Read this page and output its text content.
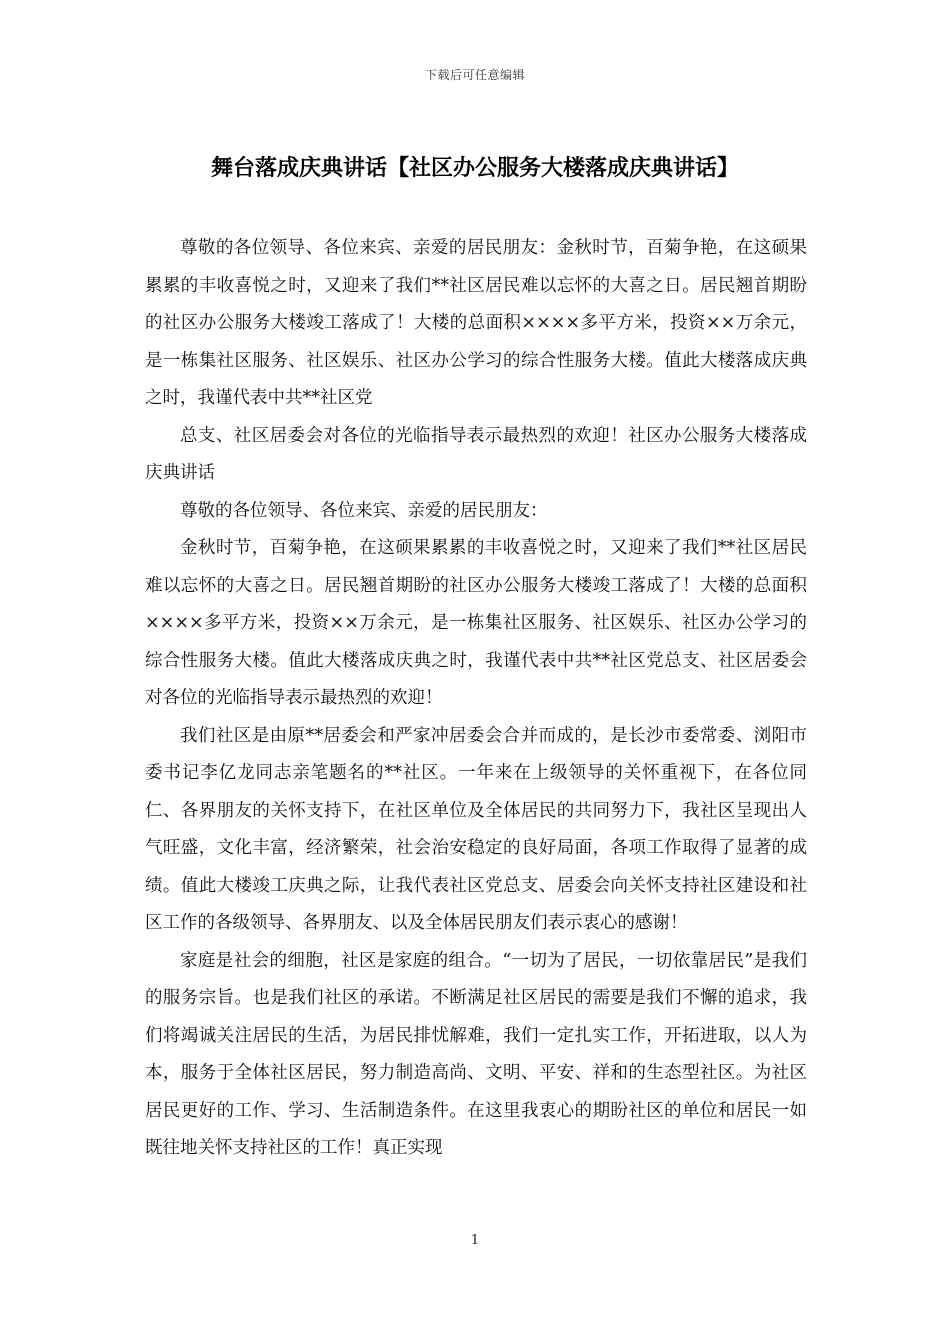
下载后可任意编辑
舞台落成庆典讲话【社区办公服务大楼落成庆典讲话】

尊敬的各位领导、各位来宾、亲爱的居民朋友：金秋时节，百菊争艳，在这硕果累累的丰收喜悦之时，又迎来了我们**社区居民难以忘怀的大喜之日。居民翘首期盼的社区办公服务大楼竣工落成了！大楼的总面积××××多平方米，投资××万余元，是一栋集社区服务、社区娱乐、社区办公学习的综合性服务大楼。值此大楼落成庆典之时，我谨代表中共**社区党

总支、社区居委会对各位的光临指导表示最热烈的欢迎！社区办公服务大楼落成庆典讲话

尊敬的各位领导、各位来宾、亲爱的居民朋友：

金秋时节，百菊争艳，在这硕果累累的丰收喜悦之时，又迎来了我们**社区居民难以忘怀的大喜之日。居民翘首期盼的社区办公服务大楼竣工落成了！大楼的总面积××××多平方米，投资××万余元，是一栋集社区服务、社区娱乐、社区办公学习的综合性服务大楼。值此大楼落成庆典之时，我谨代表中共**社区党总支、社区居委会对各位的光临指导表示最热烈的欢迎！

我们社区是由原**居委会和严家冲居委会合并而成的，是长沙市委常委、浏阳市委书记李亿龙同志亲笔题名的**社区。一年来在上级领导的关怀重视下，在各位同仁、各界朋友的关怀支持下，在社区单位及全体居民的共同努力下，我社区呈现出人气旺盛，文化丰富，经济繁荣，社会治安稳定的良好局面，各项工作取得了显著的成绩。值此大楼竣工庆典之际，让我代表社区党总支、居委会向关怀支持社区建设和社区工作的各级领导、各界朋友、以及全体居民朋友们表示衷心的感谢！

家庭是社会的细胞，社区是家庭的组合。“一切为了居民，一切依靠居民”是我们的服务宗旨。也是我们社区的承诺。不断满足社区居民的需要是我们不懈的追求，我们将竭诚关注居民的生活，为居民排忧解难，我们一定扎实工作，开拓进取，以人为本，服务于全体社区居民，努力制造高尚、文明、平安、祥和的生态型社区。为社区居民更好的工作、学习、生活制造条件。在这里我衷心的期盼社区的单位和居民一如既往地关怀支持社区的工作！真正实现

1
